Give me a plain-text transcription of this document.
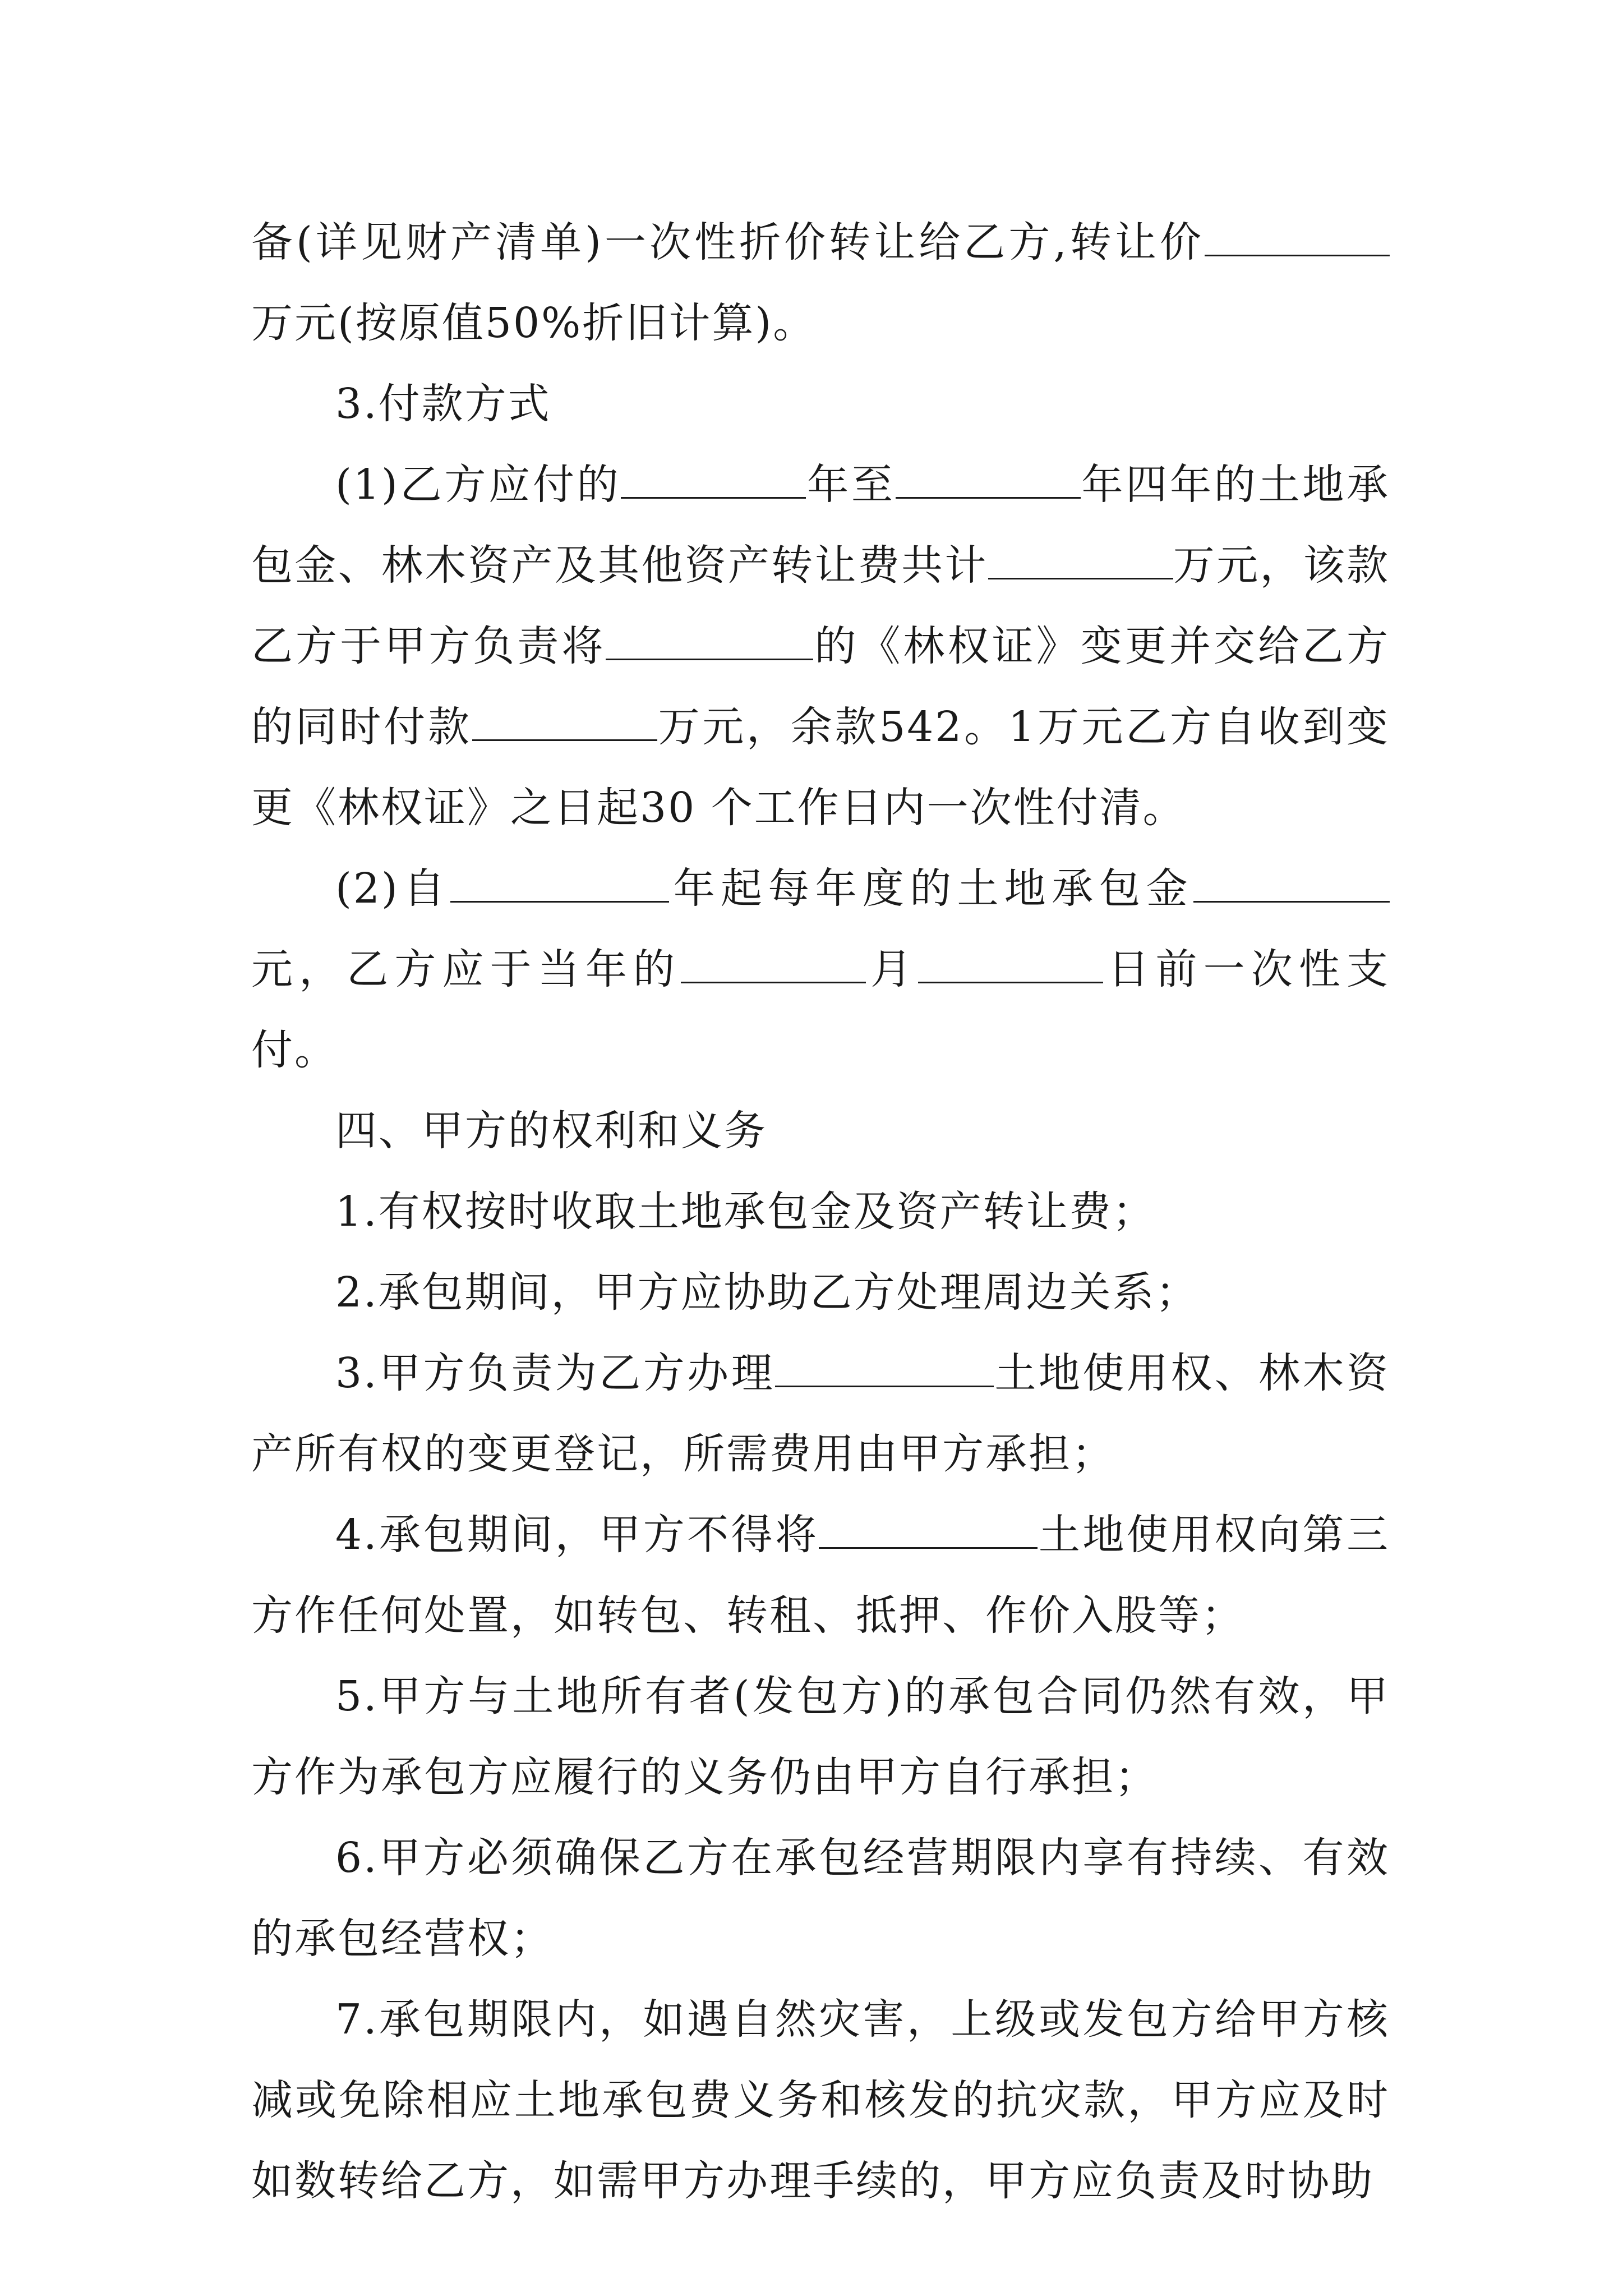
备(详见财产清单)一次性折价转让给乙方,转让价万元(按原值50%折旧计算)。

3.付款方式

(1)乙方应付的	年至	年四年的土地承包金、林木资产及其他资产转让费共计	万元，该款乙方于甲方负责将	的《林权证》变更并交给乙方的同时付款	万元，余款542。1万元乙方自收到变更《林权证》之日起30 个工作日内一次性付清。

(2)自	年起每年度的土地承包金元，乙方应于当年的	月	日前一次性支付。

四、甲方的权利和义务

1.有权按时收取土地承包金及资产转让费；

2.承包期间，甲方应协助乙方处理周边关系；

3.甲方负责为乙方办理	土地使用权、林木资产所有权的变更登记，所需费用由甲方承担；

4.承包期间，甲方不得将	土地使用权向第三方作任何处置，如转包、转租、抵押、作价入股等；

5.甲方与土地所有者(发包方)的承包合同仍然有效，甲方作为承包方应履行的义务仍由甲方自行承担；

6.甲方必须确保乙方在承包经营期限内享有持续、有效的承包经营权；

7.承包期限内，如遇自然灾害，上级或发包方给甲方核减或免除相应土地承包费义务和核发的抗灾款，甲方应及时如数转给乙方，如需甲方办理手续的，甲方应负责及时协助
